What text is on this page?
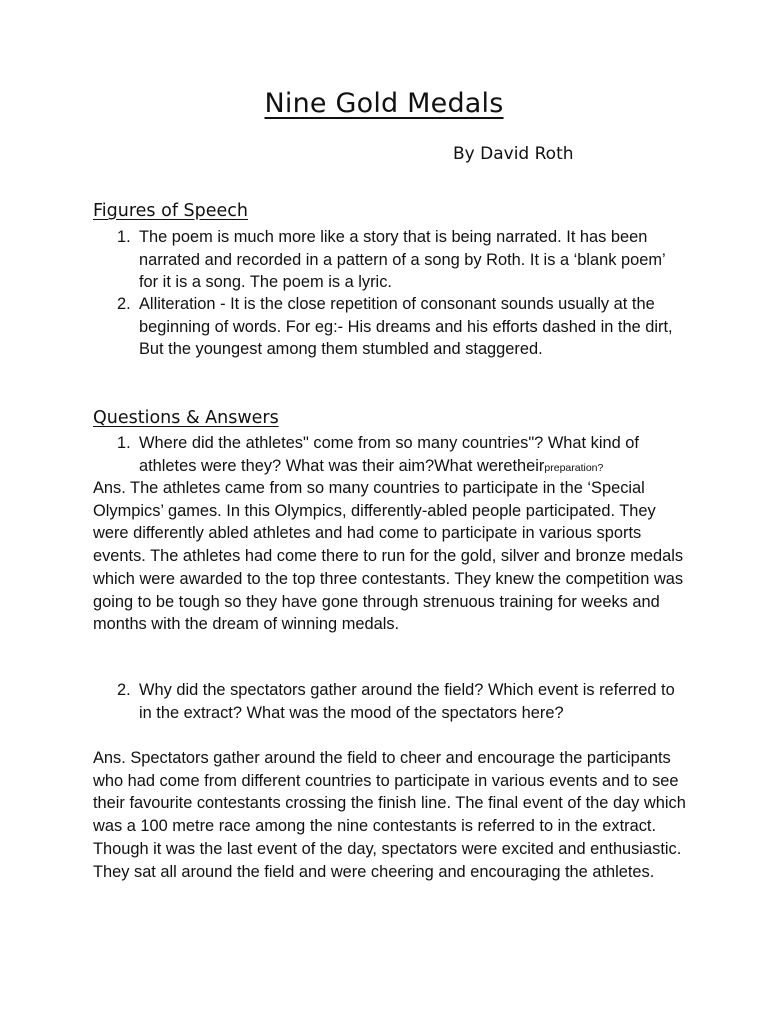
Nine Gold Medals
By David Roth
Figures of Speech
1. The poem is much more like a story that is being narrated. It has been narrated and recorded in a pattern of a song by Roth. It is a ‘blank poem’ for it is a song. The poem is a lyric.
2. Alliteration - It is the close repetition of consonant sounds usually at the beginning of words. For eg:- His dreams and his efforts dashed in the dirt, But the youngest among them stumbled and staggered.
Questions & Answers
1. Where did the athletes" come from so many countries"? What kind of athletes were they? What was their aim?What weretheirpreparation?
Ans. The athletes came from so many countries to participate in the ‘Special Olympics’ games. In this Olympics, differently-abled people participated. They were differently abled athletes and had come to participate in various sports events. The athletes had come there to run for the gold, silver and bronze medals which were awarded to the top three contestants. They knew the competition was going to be tough so they have gone through strenuous training for weeks and months with the dream of winning medals.
2. Why did the spectators gather around the field? Which event is referred to in the extract? What was the mood of the spectators here?
Ans. Spectators gather around the field to cheer and encourage the participants who had come from different countries to participate in various events and to see their favourite contestants crossing the finish line. The final event of the day which was a 100 metre race among the nine contestants is referred to in the extract. Though it was the last event of the day, spectators were excited and enthusiastic. They sat all around the field and were cheering and encouraging the athletes.
